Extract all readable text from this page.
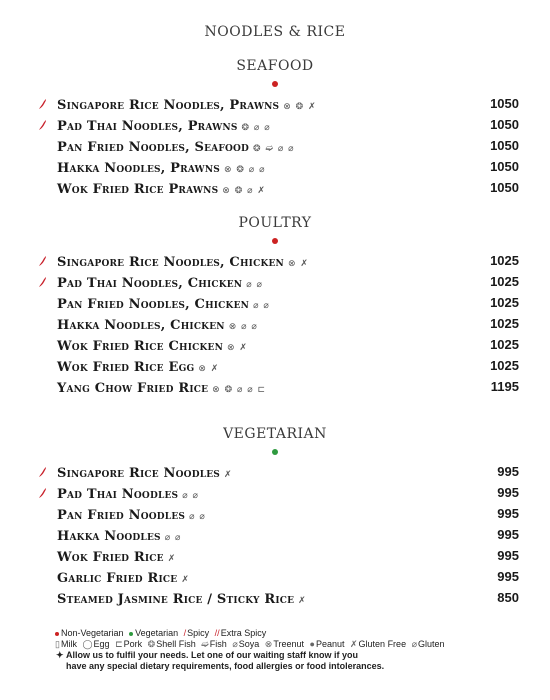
NOODLES & RICE
SEAFOOD
Singapore Rice Noodles, Prawns ⊗ ❂ ✗	1050
Pad Thai Noodles, Prawns ❂ ⌀ ⌀	1050
Pan Fried Noodles, Seafood ❂ ➫ ⌀ ⌀	1050
Hakka Noodles, Prawns ⊗ ❂ ⌀ ⌀	1050
Wok Fried Rice Prawns ⊗ ❂ ⌀ ✗	1050
POULTRY
Singapore Rice Noodles, Chicken ⊗ ✗	1025
Pad Thai Noodles, Chicken ⌀ ⌀	1025
Pan Fried Noodles, Chicken ⌀ ⌀	1025
Hakka Noodles, Chicken ⊗ ⌀ ⌀	1025
Wok Fried Rice Chicken ⊗ ✗	1025
Wok Fried Rice Egg ⊗ ✗	1025
Yang Chow Fried Rice ⊗ ❂ ⌀ ⌀ ⊏	1195
VEGETARIAN
Singapore Rice Noodles ✗	995
Pad Thai Noodles ⌀ ⌀	995
Pan Fried Noodles ⌀ ⌀	995
Hakka Noodles ⌀ ⌀	995
Wok Fried Rice ✗	995
Garlic Fried Rice ✗	995
Steamed Jasmine Rice / Sticky Rice ✗	850
Non-Vegetarian Vegetarian /Spicy //Extra Spicy
▯Milk ◯Egg ⊏Pork ❂Shell Fish ➫Fish ⌀Soya ⊗Treenut ●Peanut ✗Gluten Free ⌀Gluten
✦ Allow us to fulfil your needs. Let one of our waiting staff know if you
have any special dietary requirements, food allergies or food intolerances.
